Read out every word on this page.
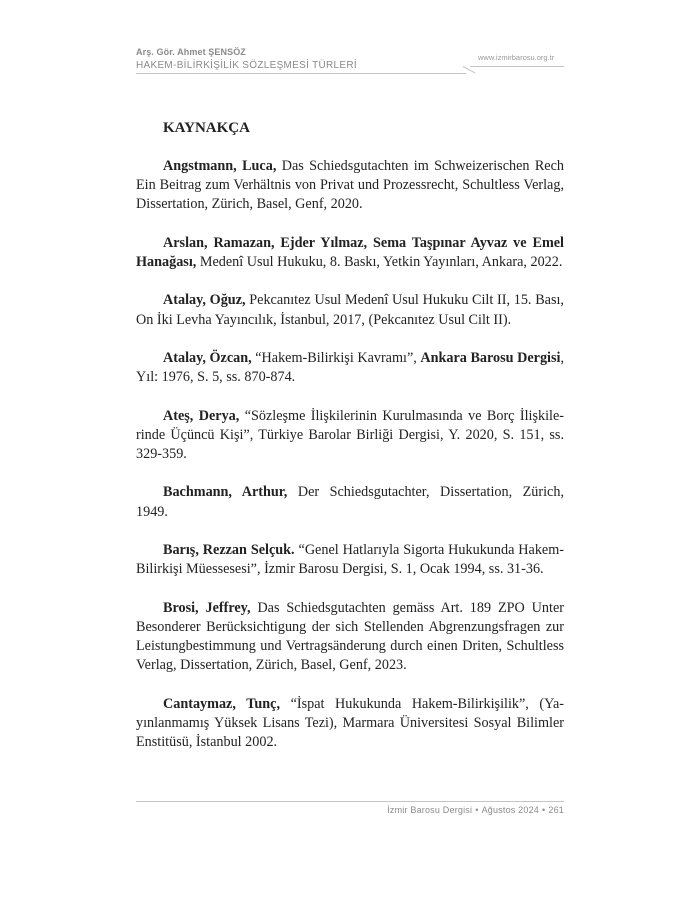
Arş. Gör. Ahmet ŞENSÖZ
HAKEM-BİLİRKİŞİLİK SÖZLEŞMESİ TÜRLERİ
www.izmirbarosu.org.tr
KAYNAKÇA

Angstmann, Luca, Das Schiedsgutachten im Schweizerischen Rech Ein Beitrag zum Verhältnis von Privat und Prozessrecht, Schultless Verlag, Dissertation, Zürich, Basel, Genf, 2020.

Arslan, Ramazan, Ejder Yılmaz, Sema Taşpınar Ayvaz ve Emel Hanağası, Medenî Usul Hukuku, 8. Baskı, Yetkin Yayınları, Ankara, 2022.

Atalay, Oğuz, Pekcanıtez Usul Medenî Usul Hukuku Cilt II, 15. Bası, On İki Levha Yayıncılık, İstanbul, 2017, (Pekcanıtez Usul Cilt II).

Atalay, Özcan, “Hakem-Bilirkişi Kavramı”, Ankara Barosu Dergisi, Yıl: 1976, S. 5, ss. 870-874.

Ateş, Derya, “Sözleşme İlişkilerinin Kurulmasında ve Borç İlişkilerinde Üçüncü Kişi”, Türkiye Barolar Birliği Dergisi, Y. 2020, S. 151, ss. 329-359.

Bachmann, Arthur, Der Schiedsgutachter, Dissertation, Zürich, 1949.

Barış, Rezzan Selçuk. “Genel Hatlarıyla Sigorta Hukukunda Hakem-Bilirkişi Müessesesi”, İzmir Barosu Dergisi, S. 1, Ocak 1994, ss. 31-36.

Brosi, Jeffrey, Das Schiedsgutachten gemäss Art. 189 ZPO Unter Besonderer Berücksichtigung der sich Stellenden Abgrenzungsfragen zur Leistungbestimmung und Vertragsänderung durch einen Driten, Schultless Verlag, Dissertation, Zürich, Basel, Genf, 2023.

Cantaymaz, Tunç, “İspat Hukukunda Hakem-Bilirkişilik”, (Yayınlanmamış Yüksek Lisans Tezi), Marmara Üniversitesi Sosyal Bilimler Enstitüsü, İstanbul 2002.

İzmir Barosu Dergisi • Ağustos 2024 • 261
